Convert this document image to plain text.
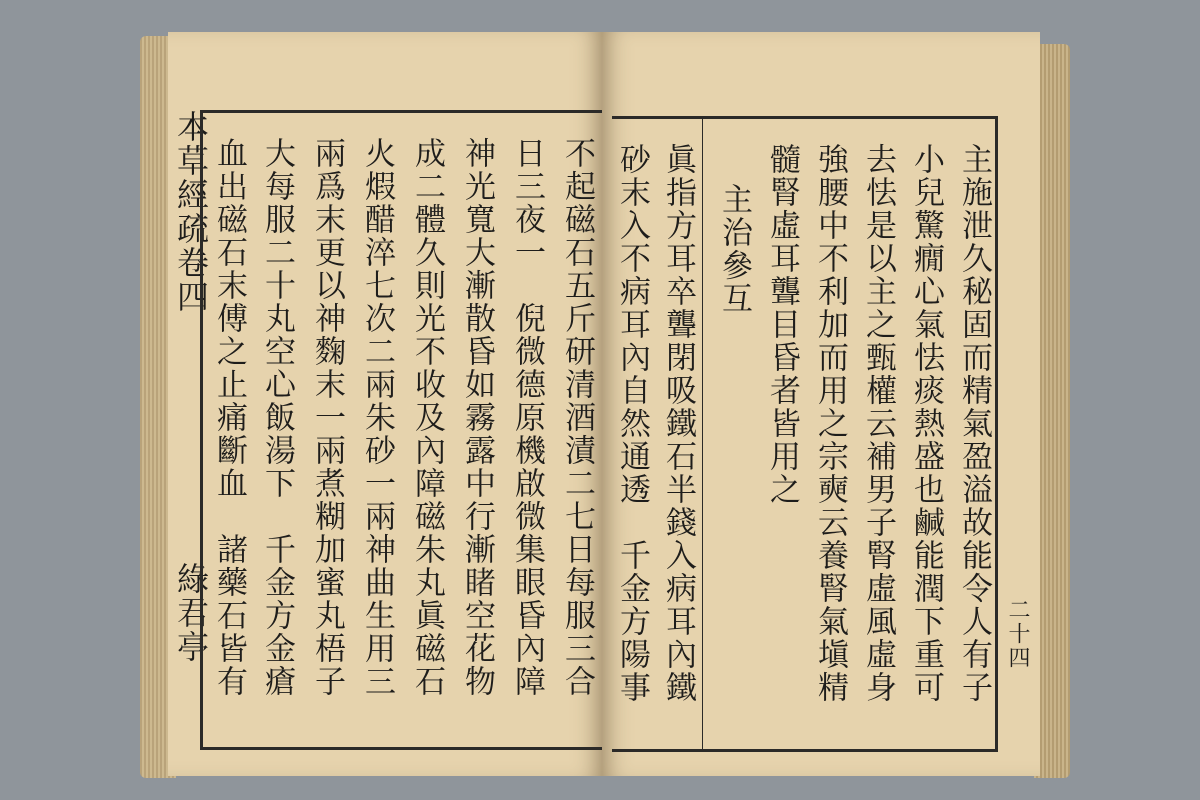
本草經疏卷四
綠君亭	不起磁石五斤研清酒漬二七日每服三合
日三夜一　倪微德原機啟微集眼昏內障
神光寬大漸散昏如霧露中行漸睹空花物
成二體久則光不收及內障磁朱丸眞磁石
火煆醋淬七次二兩朱砂一兩神曲生用三
兩爲末更以神麴末一兩煮糊加蜜丸梧子
大每服二十丸空心飯湯下　千金方金瘡
血出磁石末傅之止痛斷血　諸藥石皆有	主施泄久秘固而精氣盈溢故能令人有子
小兒驚癇心氣怯痰熱盛也鹹能潤下重可
去怯是以主之甄權云補男子腎虛風虛身
強腰中不利加而用之宗奭云養腎氣塡精
髓腎虛耳聾目昏者皆用之
主治參互
眞指方耳卒聾閉吸鐵石半錢入病耳內鐵
砂末入不病耳內自然通透　千金方陽事	二十四
